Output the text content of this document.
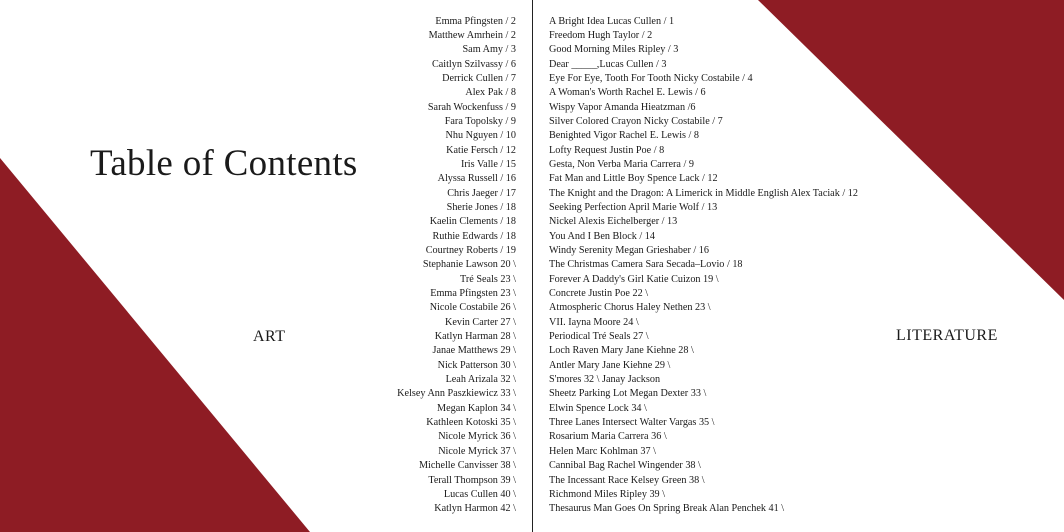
Table of Contents
ART	LITERATURE
Emma Pfingsten / 2
Matthew Amrhein / 2
Sam Amy / 3
Caitlyn Szilvassy / 6
Derrick Cullen / 7
Alex Pak / 8
Sarah Wockenfuss / 9
Fara Topolsky / 9
Nhu Nguyen / 10
Katie Fersch / 12
Iris Valle / 15
Alyssa Russell / 16
Chris Jaeger / 17
Sherie Jones / 18
Kaelin Clements / 18
Ruthie Edwards / 18
Courtney Roberts / 19
Stephanie Lawson 20 \
Tré Seals 23 \
Emma Pfingsten 23 \
Nicole Costabile 26 \
Kevin Carter 27 \
Katlyn Harman 28 \
Janae Matthews 29 \
Nick Patterson 30 \
Leah Arizala 32 \
Kelsey Ann Paszkiewicz 33 \
Megan Kaplon 34 \
Kathleen Kotoski 35 \
Nicole Myrick 36 \
Nicole Myrick 37 \
Michelle Canvisser 38 \
Terall Thompson 39 \
Lucas Cullen 40 \
Katlyn Harmon 42 \
A Bright Idea Lucas Cullen / 1
Freedom Hugh Taylor / 2
Good Morning Miles Ripley / 3
Dear _____,Lucas Cullen / 3
Eye For Eye, Tooth For Tooth Nicky Costabile / 4
A Woman's Worth Rachel E. Lewis / 6
Wispy Vapor Amanda Hieatzman /6
Silver Colored Crayon Nicky Costabile / 7
Benighted Vigor Rachel E. Lewis / 8
Lofty Request Justin Poe / 8
Gesta, Non Verba Maria Carrera / 9
Fat Man and Little Boy Spence Lack / 12
The Knight and the Dragon: A Limerick in Middle English Alex Taciak / 12
Seeking Perfection April Marie Wolf / 13
Nickel Alexis Eichelberger / 13
You And I Ben Block / 14
Windy Serenity Megan Grieshaber / 16
The Christmas Camera Sara Secada–Lovio / 18
Forever A Daddy's Girl Katie Cuizon 19 \
Concrete Justin Poe 22 \
Atmospheric Chorus Haley Nethen 23 \
VII. Iayna Moore 24 \
Periodical Tré Seals 27 \
Loch Raven Mary Jane Kiehne 28 \
Antler Mary Jane Kiehne 29 \
S'mores 32 \ Janay Jackson
Sheetz Parking Lot Megan Dexter 33 \
Elwin Spence Lock 34 \
Three Lanes Intersect Walter Vargas 35 \
Rosarium Maria Carrera 36 \
Helen Marc Kohlman 37 \
Cannibal Bag Rachel Wingender 38 \
The Incessant Race Kelsey Green 38 \
Richmond Miles Ripley 39 \
Thesaurus Man Goes On Spring Break Alan Penchek 41 \
